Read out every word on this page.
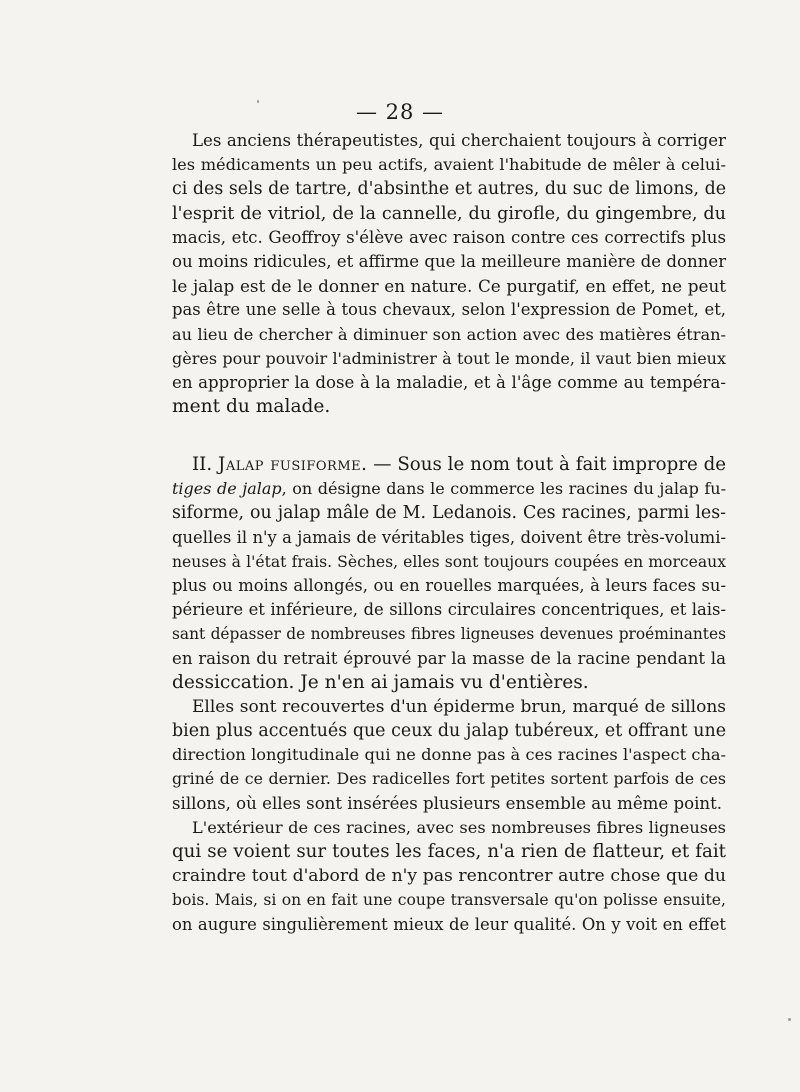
— 28 —
Les anciens thérapeutistes, qui cherchaient toujours à corriger
les médicaments un peu actifs, avaient l'habitude de mêler à celui-
ci des sels de tartre, d'absinthe et autres, du suc de limons, de
l'esprit de vitriol, de la cannelle, du girofle, du gingembre, du
macis, etc. Geoffroy s'élève avec raison contre ces correctifs plus
ou moins ridicules, et affirme que la meilleure manière de donner
le jalap est de le donner en nature. Ce purgatif, en effet, ne peut
pas être une selle à tous chevaux, selon l'expression de Pomet, et,
au lieu de chercher à diminuer son action avec des matières étran-
gères pour pouvoir l'administrer à tout le monde, il vaut bien mieux
en approprier la dose à la maladie, et à l'âge comme au tempéra-
ment du malade.
II. Jalap fusiforme. — Sous le nom tout à fait impropre de
tiges de jalap, on désigne dans le commerce les racines du jalap fu-
siforme, ou jalap mâle de M. Ledanois. Ces racines, parmi les-
quelles il n'y a jamais de véritables tiges, doivent être très-volumi-
neuses à l'état frais. Sèches, elles sont toujours coupées en morceaux
plus ou moins allongés, ou en rouelles marquées, à leurs faces su-
périeure et inférieure, de sillons circulaires concentriques, et lais-
sant dépasser de nombreuses fibres ligneuses devenues proéminantes
en raison du retrait éprouvé par la masse de la racine pendant la
dessiccation. Je n'en ai jamais vu d'entières.
Elles sont recouvertes d'un épiderme brun, marqué de sillons
bien plus accentués que ceux du jalap tubéreux, et offrant une
direction longitudinale qui ne donne pas à ces racines l'aspect cha-
griné de ce dernier. Des radicelles fort petites sortent parfois de ces
sillons, où elles sont insérées plusieurs ensemble au même point.
L'extérieur de ces racines, avec ses nombreuses fibres ligneuses
qui se voient sur toutes les faces, n'a rien de flatteur, et fait
craindre tout d'abord de n'y pas rencontrer autre chose que du
bois. Mais, si on en fait une coupe transversale qu'on polisse ensuite,
on augure singulièrement mieux de leur qualité. On y voit en effet
